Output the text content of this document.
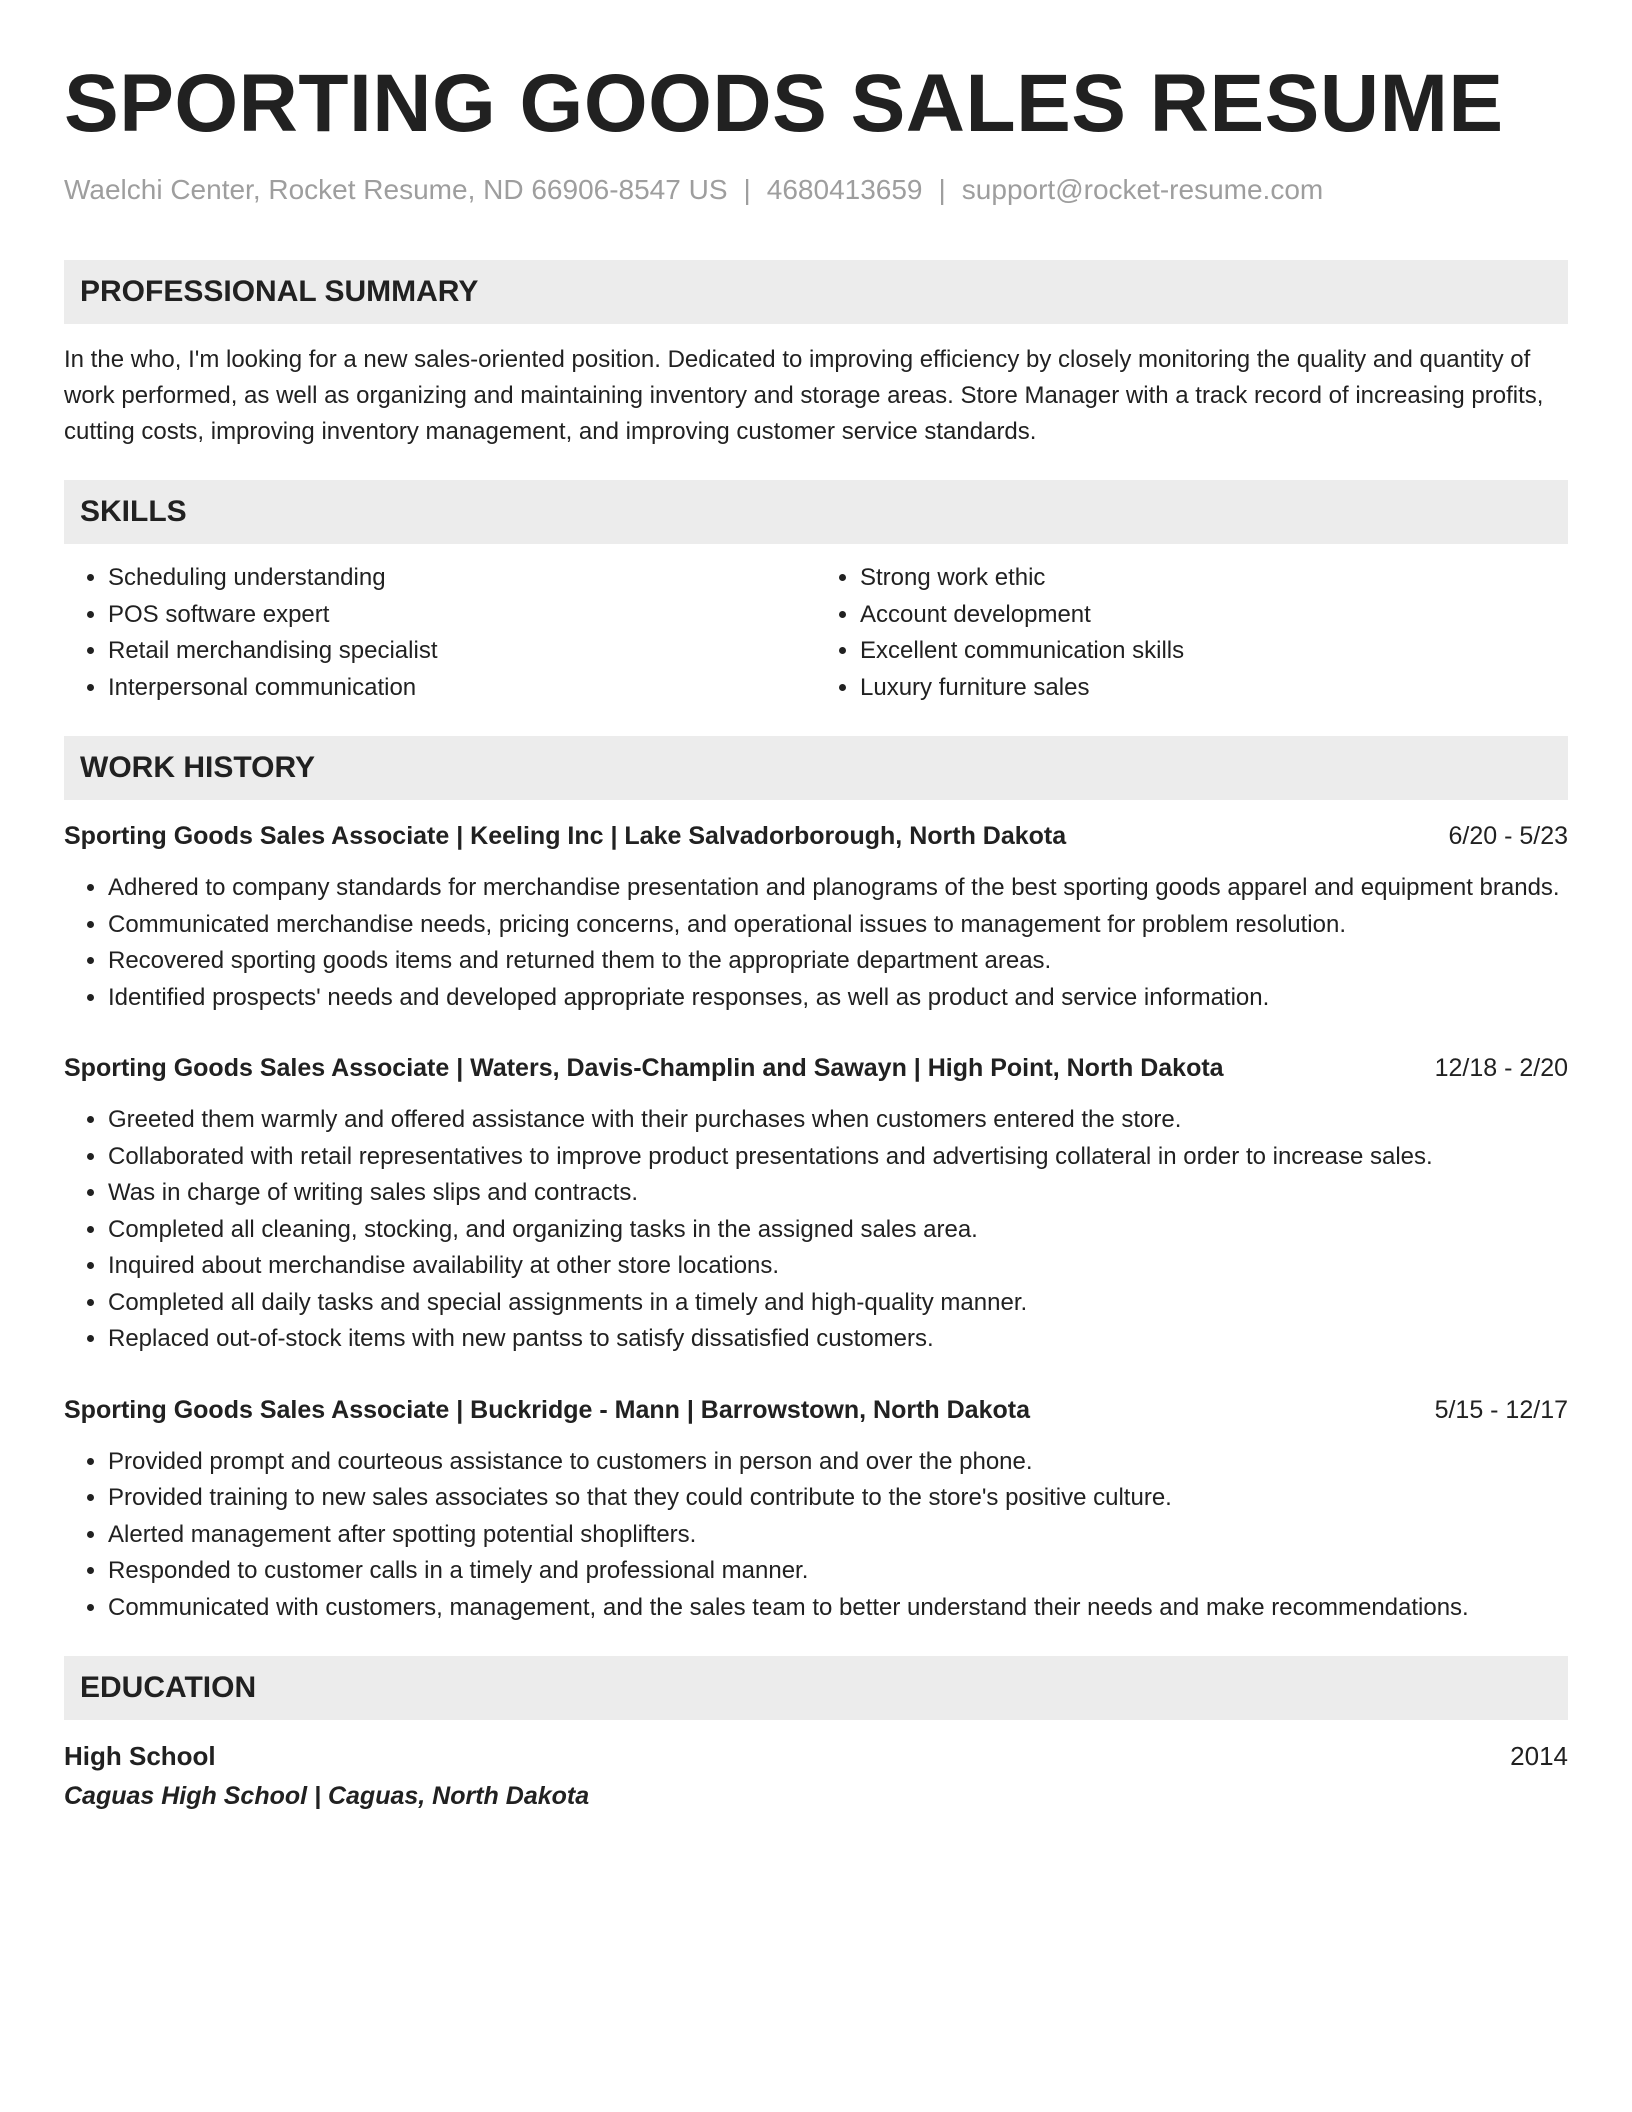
SPORTING GOODS SALES RESUME
Waelchi Center, Rocket Resume, ND 66906-8547 US | 4680413659 | support@rocket-resume.com
PROFESSIONAL SUMMARY

In the who, I'm looking for a new sales-oriented position. Dedicated to improving efficiency by closely monitoring the quality and quantity of work performed, as well as organizing and maintaining inventory and storage areas. Store Manager with a track record of increasing profits, cutting costs, improving inventory management, and improving customer service standards.

SKILLS
• Scheduling understanding
• POS software expert
• Retail merchandising specialist
• Interpersonal communication
• Strong work ethic
• Account development
• Excellent communication skills
• Luxury furniture sales
WORK HISTORY
Sporting Goods Sales Associate | Keeling Inc | Lake Salvadorborough, North Dakota	6/20 - 5/23
• Adhered to company standards for merchandise presentation and planograms of the best sporting goods apparel and equipment brands.
• Communicated merchandise needs, pricing concerns, and operational issues to management for problem resolution.
• Recovered sporting goods items and returned them to the appropriate department areas.
• Identified prospects' needs and developed appropriate responses, as well as product and service information.
Sporting Goods Sales Associate | Waters, Davis-Champlin and Sawayn | High Point, North Dakota	12/18 - 2/20
• Greeted them warmly and offered assistance with their purchases when customers entered the store.
• Collaborated with retail representatives to improve product presentations and advertising collateral in order to increase sales.
• Was in charge of writing sales slips and contracts.
• Completed all cleaning, stocking, and organizing tasks in the assigned sales area.
• Inquired about merchandise availability at other store locations.
• Completed all daily tasks and special assignments in a timely and high-quality manner.
• Replaced out-of-stock items with new pantss to satisfy dissatisfied customers.
Sporting Goods Sales Associate | Buckridge - Mann | Barrowstown, North Dakota	5/15 - 12/17
• Provided prompt and courteous assistance to customers in person and over the phone.
• Provided training to new sales associates so that they could contribute to the store's positive culture.
• Alerted management after spotting potential shoplifters.
• Responded to customer calls in a timely and professional manner.
• Communicated with customers, management, and the sales team to better understand their needs and make recommendations.
EDUCATION
High School	2014
Caguas High School | Caguas, North Dakota
